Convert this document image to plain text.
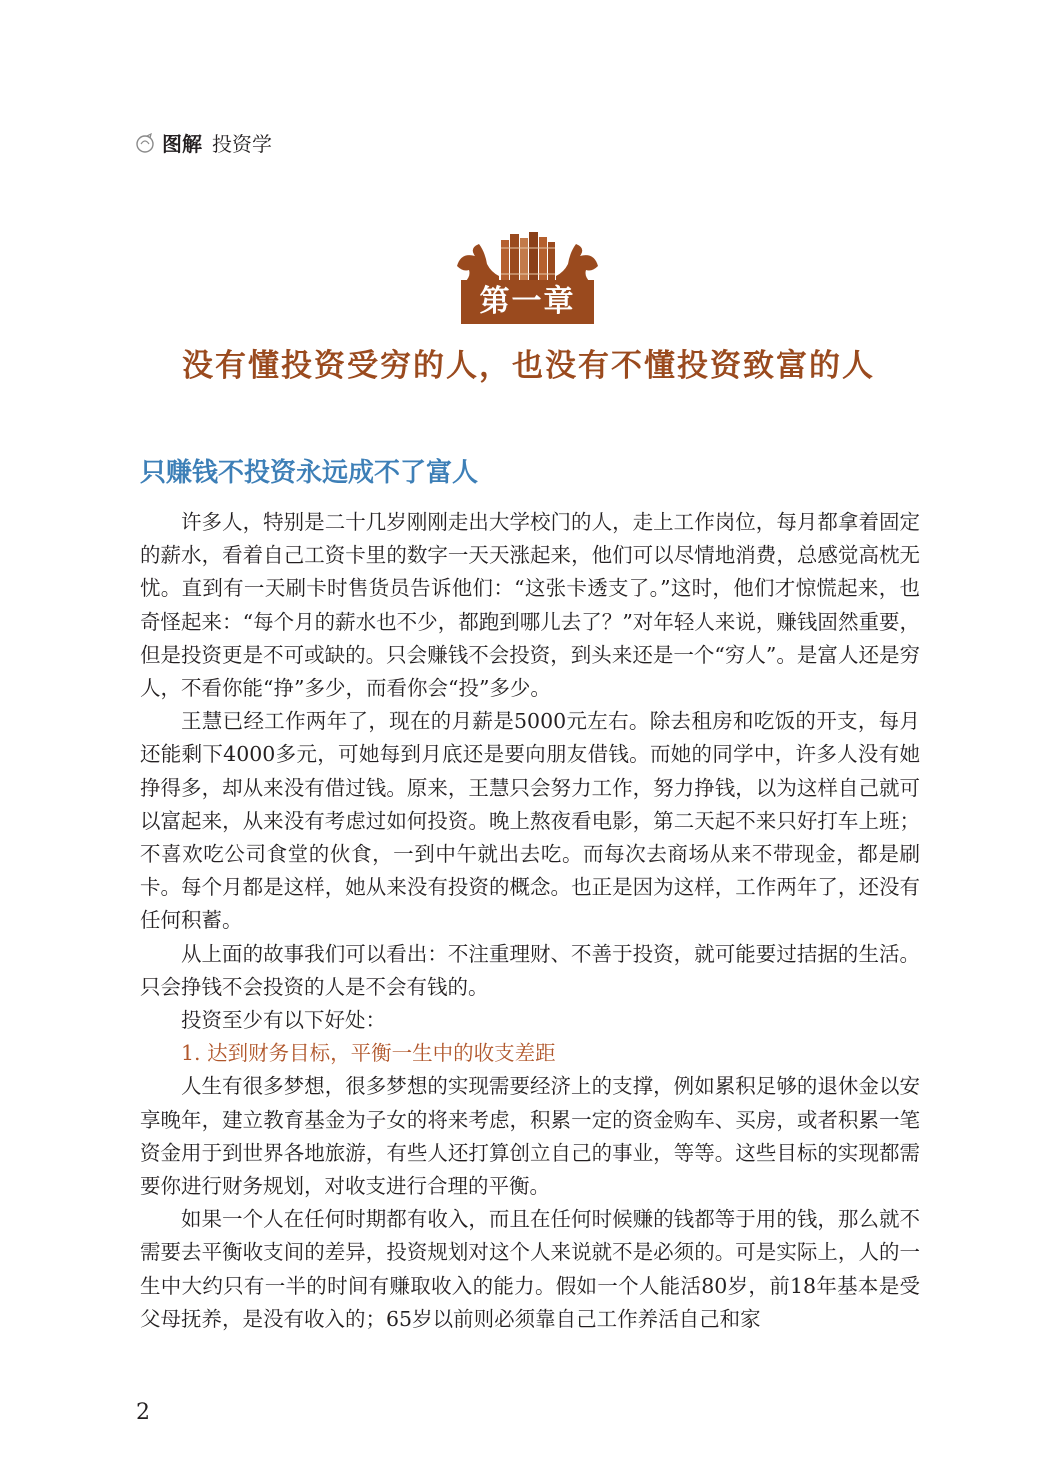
图解 投资学
第一章
没有懂投资受穷的人，也没有不懂投资致富的人
只赚钱不投资永远成不了富人

许多人，特别是二十几岁刚刚走出大学校门的人，走上工作岗位，每月都拿着固定的薪水，看着自己工资卡里的数字一天天涨起来，他们可以尽情地消费，总感觉高枕无忧。直到有一天刷卡时售货员告诉他们：“这张卡透支了。”这时，他们才惊慌起来，也奇怪起来：“每个月的薪水也不少，都跑到哪儿去了？”对年轻人来说，赚钱固然重要，但是投资更是不可或缺的。只会赚钱不会投资，到头来还是一个“穷人”。是富人还是穷人，不看你能“挣”多少，而看你会“投”多少。

王慧已经工作两年了，现在的月薪是5000元左右。除去租房和吃饭的开支，每月还能剩下4000多元，可她每到月底还是要向朋友借钱。而她的同学中，许多人没有她挣得多，却从来没有借过钱。原来，王慧只会努力工作，努力挣钱，以为这样自己就可以富起来，从来没有考虑过如何投资。晚上熬夜看电影，第二天起不来只好打车上班；不喜欢吃公司食堂的伙食，一到中午就出去吃。而每次去商场从来不带现金，都是刷卡。每个月都是这样，她从来没有投资的概念。也正是因为这样，工作两年了，还没有任何积蓄。

从上面的故事我们可以看出：不注重理财、不善于投资，就可能要过拮据的生活。只会挣钱不会投资的人是不会有钱的。

投资至少有以下好处：

1. 达到财务目标，平衡一生中的收支差距

人生有很多梦想，很多梦想的实现需要经济上的支撑，例如累积足够的退休金以安享晚年，建立教育基金为子女的将来考虑，积累一定的资金购车、买房，或者积累一笔资金用于到世界各地旅游，有些人还打算创立自己的事业，等等。这些目标的实现都需要你进行财务规划，对收支进行合理的平衡。

如果一个人在任何时期都有收入，而且在任何时候赚的钱都等于用的钱，那么就不需要去平衡收支间的差异，投资规划对这个人来说就不是必须的。可是实际上，人的一生中大约只有一半的时间有赚取收入的能力。假如一个人能活80岁，前18年基本是受父母抚养，是没有收入的；65岁以前则必须靠自己工作养活自己和家

2
